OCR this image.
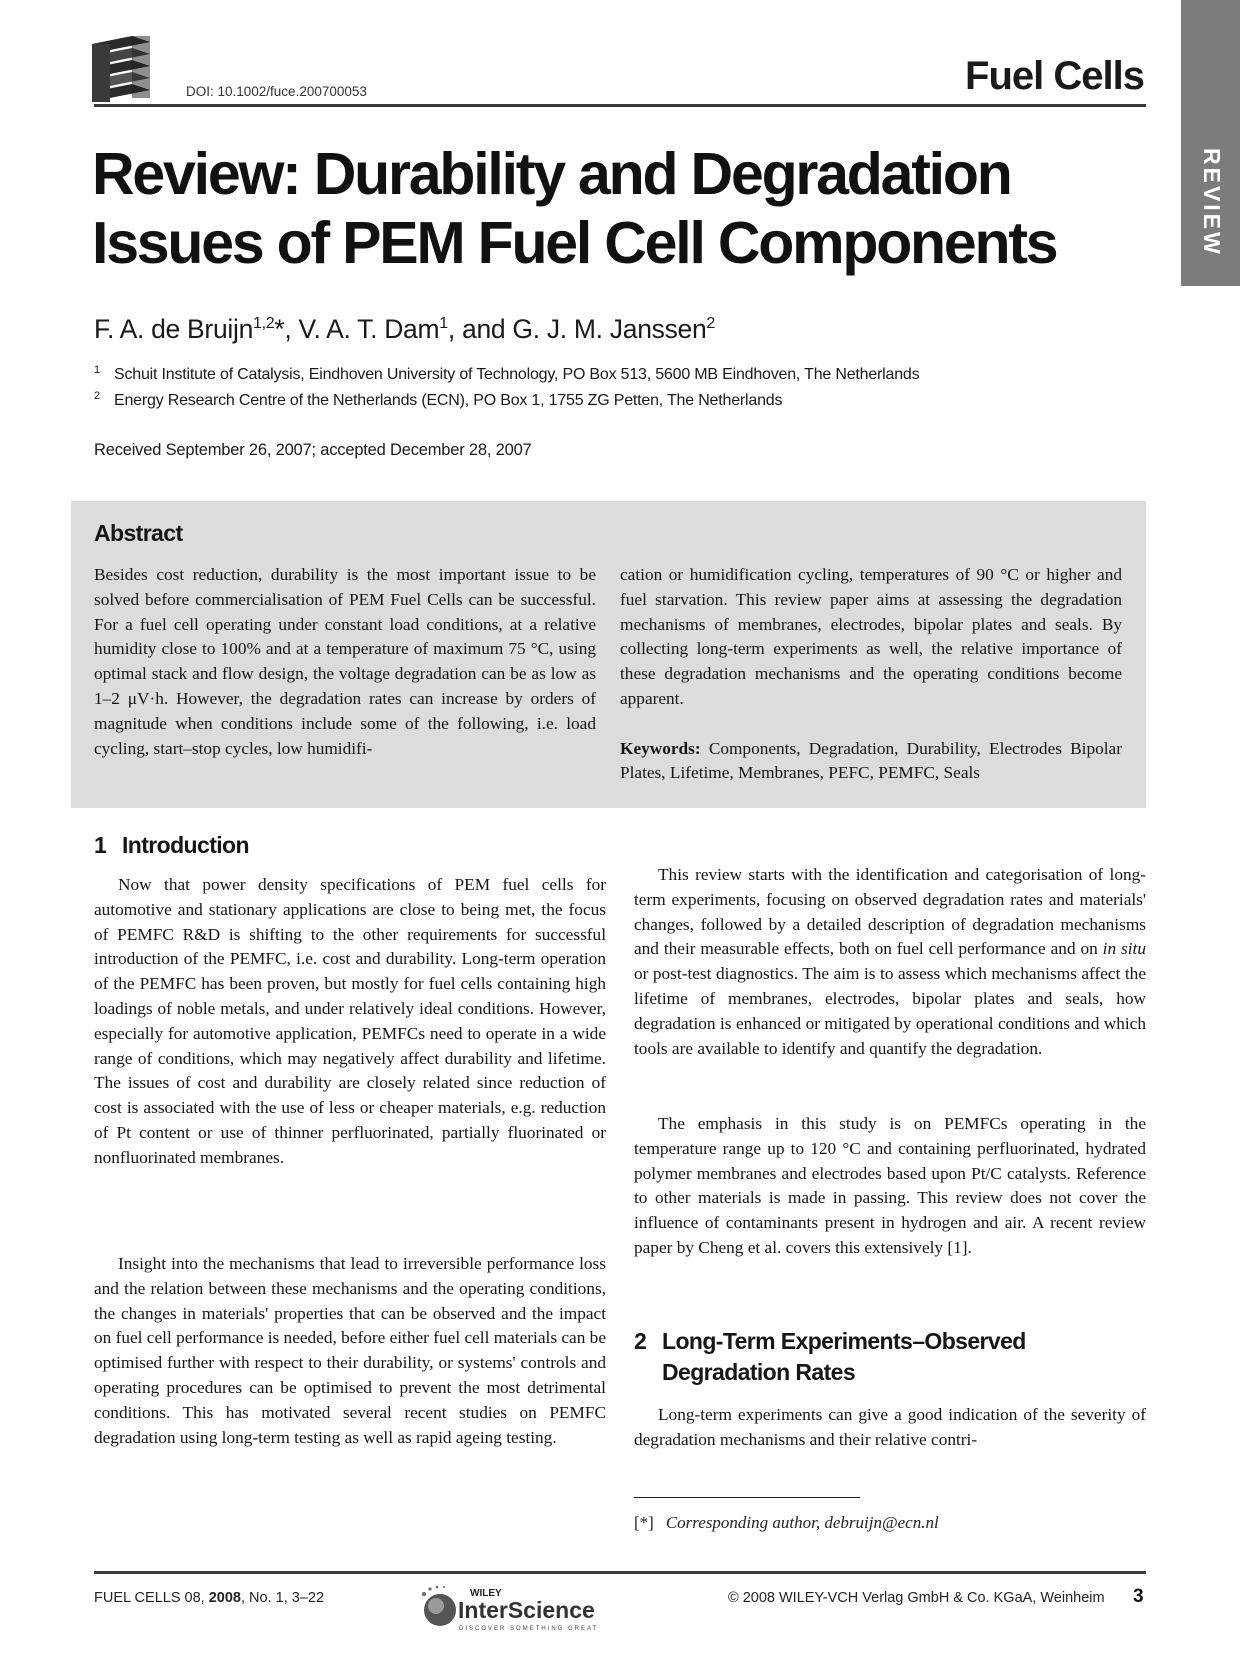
DOI: 10.1002/fuce.200700053	Fuel Cells
REVIEW
Review: Durability and Degradation
Issues of PEM Fuel Cell Components
F. A. de Bruijn$^{1,2}$*, V. A. T. Dam$^1$, and G. J. M. Janssen$^2$
$^1$ Schuit Institute of Catalysis, Eindhoven University of Technology, PO Box 513, 5600 MB Eindhoven, The Netherlands
$^2$ Energy Research Centre of the Netherlands (ECN), PO Box 1, 1755 ZG Petten, The Netherlands
Received September 26, 2007; accepted December 28, 2007
Abstract

Besides cost reduction, durability is the most important issue to be solved before commercialisation of PEM Fuel Cells can be successful. For a fuel cell operating under constant load conditions, at a relative humidity close to 100% and at a temperature of maximum 75 °C, using optimal stack and flow design, the voltage degradation can be as low as 1–2 μV·h. However, the degradation rates can increase by orders of magnitude when conditions include some of the following, i.e. load cycling, start–stop cycles, low humidifi-

cation or humidification cycling, temperatures of 90 °C or higher and fuel starvation. This review paper aims at assessing the degradation mechanisms of membranes, electrodes, bipolar plates and seals. By collecting long-term experiments as well, the relative importance of these degradation mechanisms and the operating conditions become apparent.

Keywords: Components, Degradation, Durability, Electrodes Bipolar Plates, Lifetime, Membranes, PEFC, PEMFC, Seals

1 Introduction

Now that power density specifications of PEM fuel cells for automotive and stationary applications are close to being met, the focus of PEMFC R&D is shifting to the other requirements for successful introduction of the PEMFC, i.e. cost and durability. Long-term operation of the PEMFC has been proven, but mostly for fuel cells containing high loadings of noble metals, and under relatively ideal conditions. However, especially for automotive application, PEMFCs need to operate in a wide range of conditions, which may negatively affect durability and lifetime. The issues of cost and durability are closely related since reduction of cost is associated with the use of less or cheaper materials, e.g. reduction of Pt content or use of thinner perfluorinated, partially fluorinated or nonfluorinated membranes.

Insight into the mechanisms that lead to irreversible performance loss and the relation between these mechanisms and the operating conditions, the changes in materials' properties that can be observed and the impact on fuel cell performance is needed, before either fuel cell materials can be optimised further with respect to their durability, or systems' controls and operating procedures can be optimised to prevent the most detrimental conditions. This has motivated several recent studies on PEMFC degradation using long-term testing as well as rapid ageing testing.

This review starts with the identification and categorisation of long-term experiments, focusing on observed degradation rates and materials' changes, followed by a detailed description of degradation mechanisms and their measurable effects, both on fuel cell performance and on in situ or post-test diagnostics. The aim is to assess which mechanisms affect the lifetime of membranes, electrodes, bipolar plates and seals, how degradation is enhanced or mitigated by operational conditions and which tools are available to identify and quantify the degradation.

The emphasis in this study is on PEMFCs operating in the temperature range up to 120 °C and containing perfluorinated, hydrated polymer membranes and electrodes based upon Pt/C catalysts. Reference to other materials is made in passing. This review does not cover the influence of contaminants present in hydrogen and air. A recent review paper by Cheng et al. covers this extensively [1].

2 Long-Term Experiments–Observed
Degradation Rates

Long-term experiments can give a good indication of the severity of degradation mechanisms and their relative contri-

[*] Corresponding author, debruijn@ecn.nl
FUEL CELLS 08, 2008, No. 1, 3–22	WILEY
InterScience
DISCOVER SOMETHING GREAT
© 2008 WILEY-VCH Verlag GmbH & Co. KGaA, Weinheim 3
